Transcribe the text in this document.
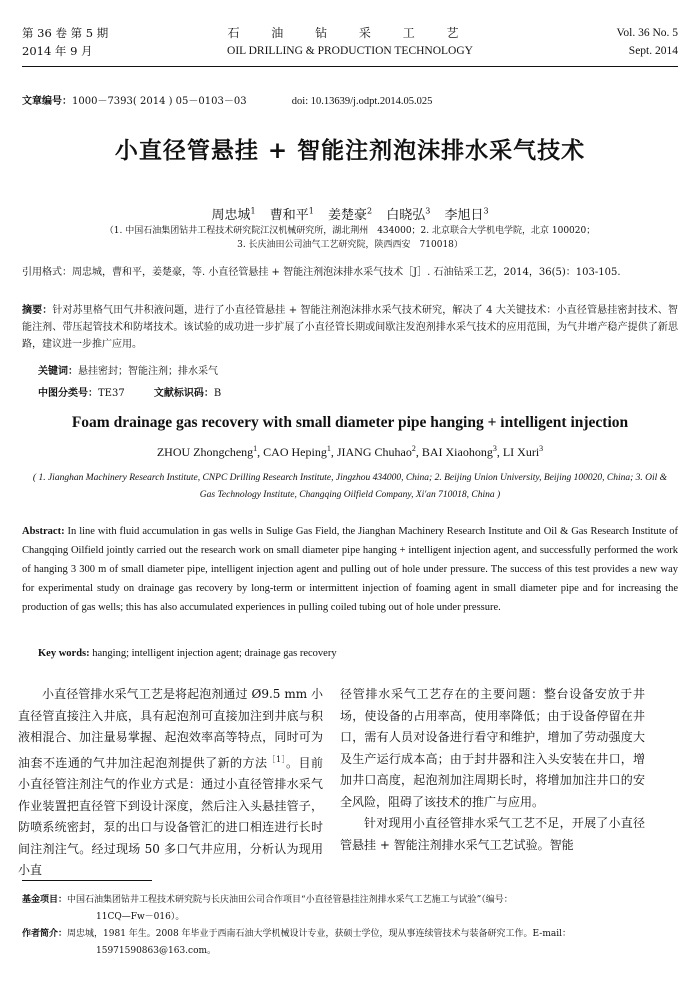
第 36 卷 第 5 期
2014 年 9 月
石 油 钻 采 工 艺
OIL DRILLING & PRODUCTION TECHNOLOGY
Vol. 36 No. 5
Sept. 2014
文章编号：1000－7393( 2014 ) 05－0103－03	doi: 10.13639/j.odpt.2014.05.025
小直径管悬挂 + 智能注剂泡沫排水采气技术
周忠城$^1$ 曹和平$^1$ 姜楚豪$^2$ 白晓弘$^3$ 李旭日$^3$
（1. 中国石油集团钻井工程技术研究院江汉机械研究所，湖北荆州　434000；2. 北京联合大学机电学院，北京 100020；
3. 长庆油田公司油气工艺研究院，陕西西安　710018）
引用格式：周忠城，曹和平，姜楚豪，等. 小直径管悬挂 + 智能注剂泡沫排水采气技术［J］. 石油钻采工艺，2014，36(5)：103-105.
摘要：针对苏里格气田气井积液问题，进行了小直径管悬挂 + 智能注剂泡沫排水采气技术研究，解决了 4 大关键技术：小直径管悬挂密封技术、智能注剂、带压起管技术和防堵技术。该试验的成功进一步扩展了小直径管长期或间歇注发泡剂排水采气技术的应用范围，为气井增产稳产提供了新思路，建议进一步推广应用。
关键词：悬挂密封；智能注剂；排水采气
中图分类号：TE37	文献标识码：B
Foam drainage gas recovery with small diameter pipe hanging + intelligent injection
ZHOU Zhongcheng$^1$, CAO Heping$^1$, JIANG Chuhao$^2$, BAI Xiaohong$^3$, LI Xuri$^3$
( 1. Jianghan Machinery Research Institute, CNPC Drilling Research Institute, Jingzhou 434000, China; 2. Beijing Union University, Beijing 100020, China; 3. Oil & Gas Technology Institute, Changqing Oilfield Company, Xi'an 710018, China )
Abstract: In line with fluid accumulation in gas wells in Sulige Gas Field, the Jianghan Machinery Research Institute and Oil & Gas Research Institute of Changqing Oilfield jointly carried out the research work on small diameter pipe hanging + intelligent injection agent, and successfully performed the work of hanging 3 300 m of small diameter pipe, intelligent injection agent and pulling out of hole under pressure. The success of this test provides a new way for experimental study on drainage gas recovery by long-term or intermittent injection of foaming agent in small diameter pipe and for increasing the production of gas wells; this has also accumulated experiences in pulling coiled tubing out of hole under pressure.
Key words: hanging; intelligent injection agent; drainage gas recovery

小直径管排水采气工艺是将起泡剂通过 Ø9.5 mm 小直径管直接注入井底，具有起泡剂可直接加注到井底与积液相混合、加注量易掌握、起泡效率高等特点，同时可为油套不连通的气井加注起泡剂提供了新的方法$^{[1]}$。目前小直径管注剂注气的作业方式是：通过小直径管排水采气作业装置把直径管下到设计深度，然后注入头悬挂管子，防喷系统密封，泵的出口与设备管汇的进口相连进行长时间注剂注气。经过现场 50 多口气井应用，分析认为现用小直

径管排水采气工艺存在的主要问题：整台设备安放于井场，使设备的占用率高，使用率降低；由于设备停留在井口，需有人员对设备进行看守和维护，增加了劳动强度大及生产运行成本高；由于封井器和注入头安装在井口，增加井口高度，起泡剂加注周期长时，将增加加注井口的安全风险，阻碍了该技术的推广与应用。

针对现用小直径管排水采气工艺不足，开展了小直径管悬挂 + 智能注剂排水采气工艺试验。智能

基金项目：中国石油集团钻井工程技术研究院与长庆油田公司合作项目“小直径管悬挂注剂排水采气工艺施工与试验”（编号：
11CQ—Fw－016）。
作者简介：周忠城，1981 年生。2008 年毕业于西南石油大学机械设计专业，获硕士学位，现从事连续管技术与装备研究工作。E-mail：
15971590863@163.com。
